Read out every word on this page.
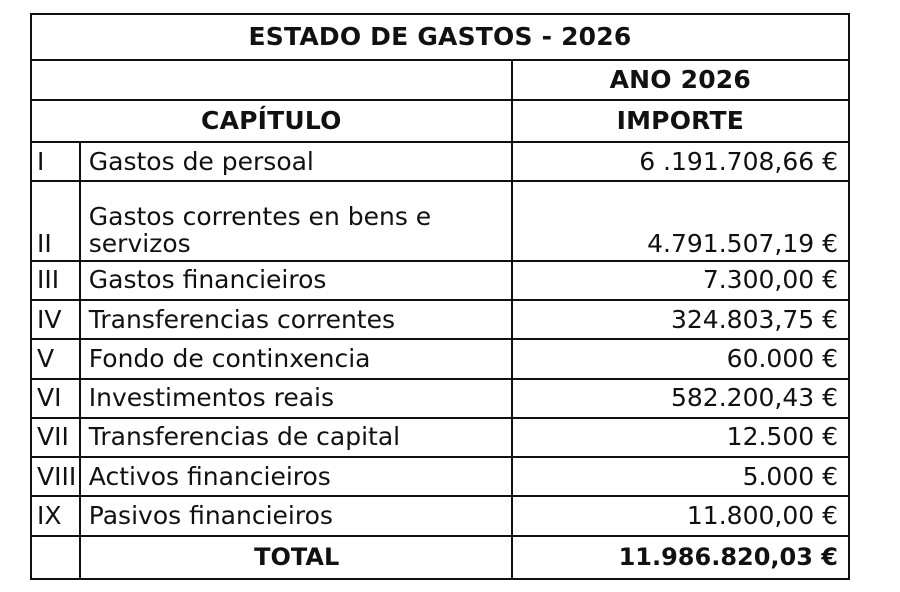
ESTADO DE GASTOS - 2026		
		ANO 2026
CAPÍTULO		IMPORTE
I	Gastos de persoal	6 .191.708,66 €
II	Gastos correntes en bens e servizos	4.791.507,19 €
III	Gastos financieiros	7.300,00 €
IV	Transferencias correntes	324.803,75 €
V	Fondo de continxencia	60.000 €
VI	Investimentos reais	582.200,43 €
VII	Transferencias de capital	12.500 €
VIII	Activos financieiros	5.000 €
IX	Pasivos financieiros	11.800,00 €
	TOTAL	11.986.820,03 €
